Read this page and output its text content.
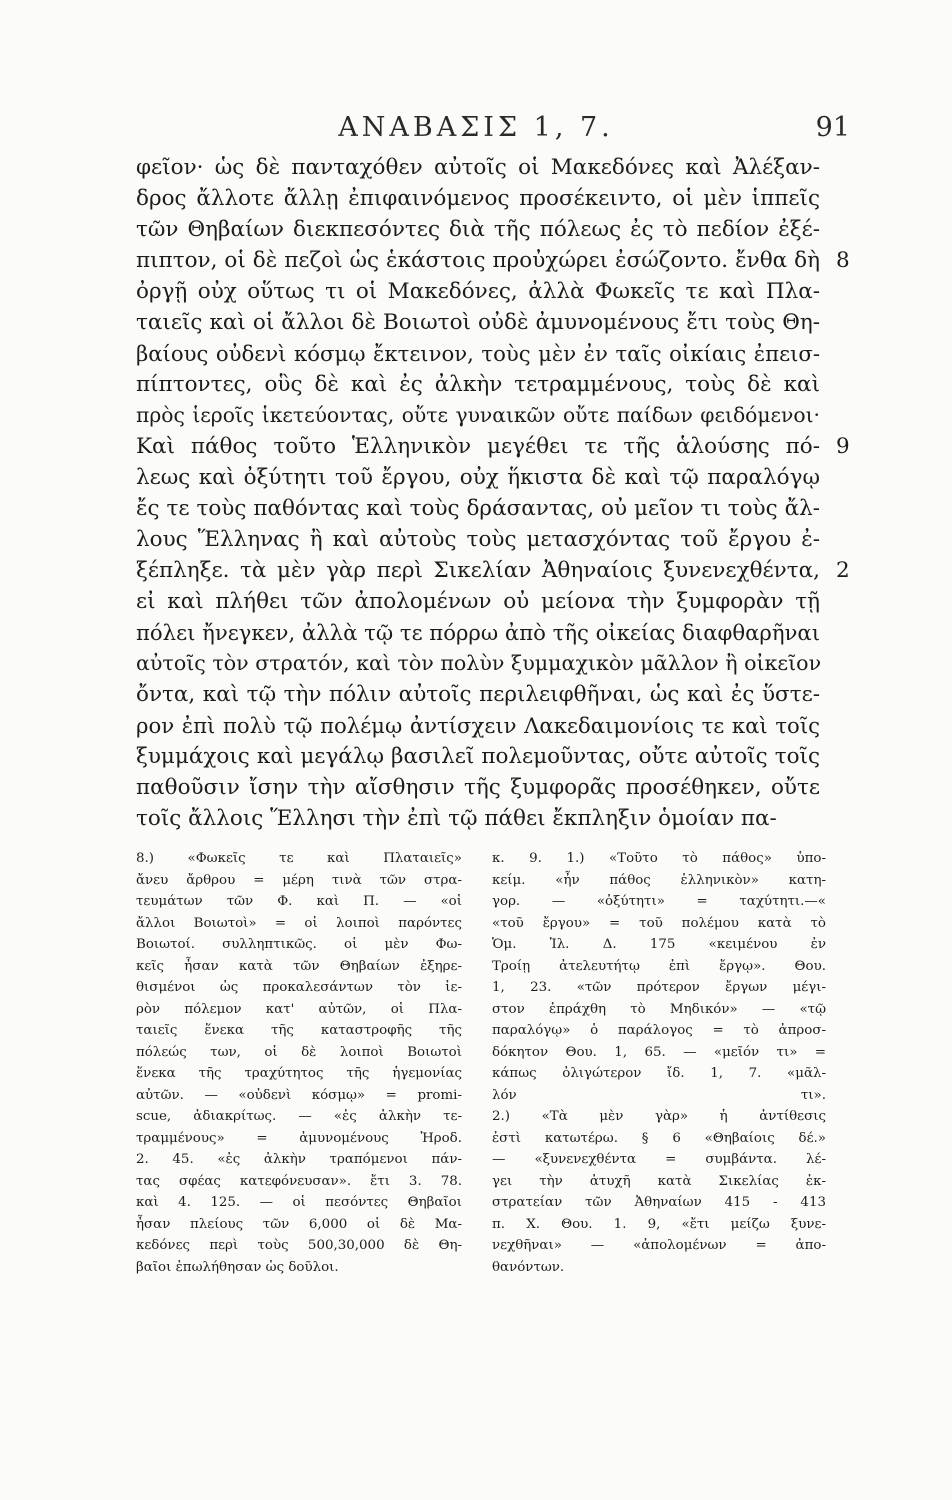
ΑΝΑΒΑΣΙΣ 1, 7.	91
φεῖον· ὡς δὲ πανταχόθεν αὐτοῖς οἱ Μακεδόνες καὶ Ἀλέξαν-
δρος ἄλλοτε ἄλλῃ ἐπιφαινόμενος προσέκειντο, οἱ μὲν ἱππεῖς
τῶν Θηβαίων διεκπεσόντες διὰ τῆς πόλεως ἐς τὸ πεδίον ἐξέ-
πιπτον, οἱ δὲ πεζοὶ ὡς ἑκάστοις προὐχώρει ἐσώζοντο. ἔνθα δὴ 8
ὀργῇ οὐχ οὕτως τι οἱ Μακεδόνες, ἀλλὰ Φωκεῖς τε καὶ Πλα-
ταιεῖς καὶ οἱ ἄλλοι δὲ Βοιωτοὶ οὐδὲ ἀμυνομένους ἔτι τοὺς Θη-
βαίους οὐδενὶ κόσμῳ ἔκτεινον, τοὺς μὲν ἐν ταῖς οἰκίαις ἐπεισ-
πίπτοντες, οὓς δὲ καὶ ἐς ἀλκὴν τετραμμένους, τοὺς δὲ καὶ
πρὸς ἱεροῖς ἱκετεύοντας, οὔτε γυναικῶν οὔτε παίδων φειδόμενοι·
Καὶ πάθος τοῦτο Ἑλληνικὸν μεγέθει τε τῆς ἁλούσης πό- 9
λεως καὶ ὀξύτητι τοῦ ἔργου, οὐχ ἥκιστα δὲ καὶ τῷ παραλόγῳ
ἔς τε τοὺς παθόντας καὶ τοὺς δράσαντας, οὐ μεῖον τι τοὺς ἄλ-
λους Ἕλληνας ἢ καὶ αὐτοὺς τοὺς μετασχόντας τοῦ ἔργου ἐ-
ξέπληξε. τὰ μὲν γὰρ περὶ Σικελίαν Ἀθηναίοις ξυνενεχθέντα, 2
εἰ καὶ πλήθει τῶν ἀπολομένων οὐ μείονα τὴν ξυμφορὰν τῇ
πόλει ἤνεγκεν, ἀλλὰ τῷ τε πόρρω ἀπὸ τῆς οἰκείας διαφθαρῆναι
αὐτοῖς τὸν στρατόν, καὶ τὸν πολὺν ξυμμαχικὸν μᾶλλον ἢ οἰκεῖον
ὄντα, καὶ τῷ τὴν πόλιν αὐτοῖς περιλειφθῆναι, ὡς καὶ ἐς ὕστε-
ρον ἐπὶ πολὺ τῷ πολέμῳ ἀντίσχειν Λακεδαιμονίοις τε καὶ τοῖς
ξυμμάχοις καὶ μεγάλῳ βασιλεῖ πολεμοῦντας, οὔτε αὐτοῖς τοῖς
παθοῦσιν ἴσην τὴν αἴσθησιν τῆς ξυμφορᾶς προσέθηκεν, οὔτε
τοῖς ἄλλοις Ἕλλησι τὴν ἐπὶ τῷ πάθει ἔκπληξιν ὁμοίαν πα-
8.) «Φωκεῖς τε καὶ Πλαταιεῖς»
ἄνευ ἄρθρου = μέρη τινὰ τῶν στρα-
τευμάτων τῶν Φ. καὶ Π. — «οἱ
ἄλλοι Βοιωτοὶ» = οἱ λοιποὶ παρόντες
Βοιωτοί. συλληπτικῶς. οἱ μὲν Φω-
κεῖς ἦσαν κατὰ τῶν Θηβαίων ἐξηρε-
θισμένοι ὡς προκαλεσάντων τὸν ἱε-
ρὸν πόλεμον κατ' αὐτῶν, οἱ Πλα-
ταιεῖς ἕνεκα τῆς καταστροφῆς τῆς
πόλεώς των, οἱ δὲ λοιποὶ Βοιωτοὶ
ἕνεκα τῆς τραχύτητος τῆς ἡγεμονίας
αὐτῶν. — «οὐδενὶ κόσμῳ» = promi-
scue, ἀδιακρίτως. — «ἐς ἀλκὴν τε-
τραμμένους» = ἀμυνομένους Ἡροδ.
2. 45. «ἐς ἀλκὴν τραπόμενοι πάν-
τας σφέας κατεφόνευσαν». ἔτι 3. 78.
καὶ 4. 125. — οἱ πεσόντες Θηβαῖοι
ἦσαν πλείους τῶν 6,000 οἱ δὲ Μα-
κεδόνες περὶ τοὺς 500,30,000 δὲ Θη-
βαῖοι ἐπωλήθησαν ὡς δοῦλοι.
κ. 9. 1.) «Τοῦτο τὸ πάθος» ὑπο-
κείμ. «ἦν πάθος ἑλληνικὸν» κατη-
γορ. — «ὀξύτητι» = ταχύτητι.—«
«τοῦ ἔργου» = τοῦ πολέμου κατὰ τὸ
Ὁμ. Ἰλ. Δ. 175 «κειμένου ἐν
Τροίῃ ἀτελευτήτῳ ἐπὶ ἔργῳ». Θου.
1, 23. «τῶν πρότερον ἔργων μέγι-
στον ἐπράχθη τὸ Μηδικόν» — «τῷ
παραλόγῳ» ὁ παράλογος = τὸ ἀπροσ-
δόκητον Θου. 1, 65. — «μεῖόν τι» =
κάπως ὀλιγώτερον ἴδ. 1, 7. «μᾶλ-
λόν τι».
2.) «Τὰ μὲν γὰρ» ἡ ἀντίθεσις
ἐστὶ κατωτέρω. § 6 «Θηβαίοις δέ.»
— «ξυνενεχθέντα = συμβάντα. λέ-
γει τὴν ἀτυχῆ κατὰ Σικελίας ἐκ-
στρατείαν τῶν Ἀθηναίων 415 - 413
π. Χ. Θου. 1. 9, «ἔτι μείζω ξυνε-
νεχθῆναι» — «ἀπολομένων = ἀπο-
θανόντων.
